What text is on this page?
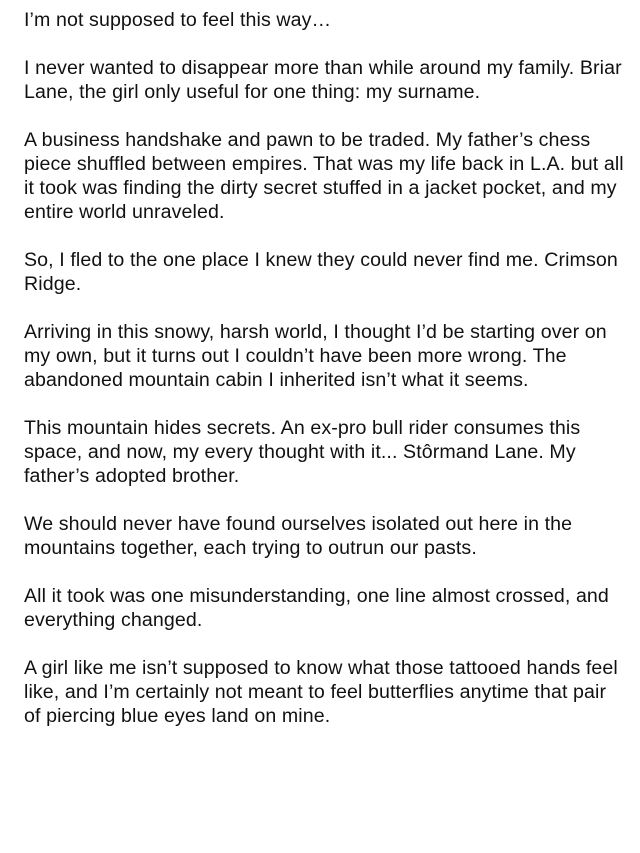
I’m not supposed to feel this way…

I never wanted to disappear more than while around my family. Briar Lane, the girl only useful for one thing: my surname.

A business handshake and pawn to be traded. My father’s chess piece shuffled between empires. That was my life back in L.A. but all it took was finding the dirty secret stuffed in a jacket pocket, and my entire world unraveled.

So, I fled to the one place I knew they could never find me. Crimson Ridge.

Arriving in this snowy, harsh world, I thought I’d be starting over on my own, but it turns out I couldn’t have been more wrong. The abandoned mountain cabin I inherited isn’t what it seems.

This mountain hides secrets. An ex-pro bull rider consumes this space, and now, my every thought with it... Stôrmand Lane. My father’s adopted brother.

We should never have found ourselves isolated out here in the mountains together, each trying to outrun our pasts.

All it took was one misunderstanding, one line almost crossed, and everything changed.

A girl like me isn’t supposed to know what those tattooed hands feel like, and I’m certainly not meant to feel butterflies anytime that pair of piercing blue eyes land on mine.
